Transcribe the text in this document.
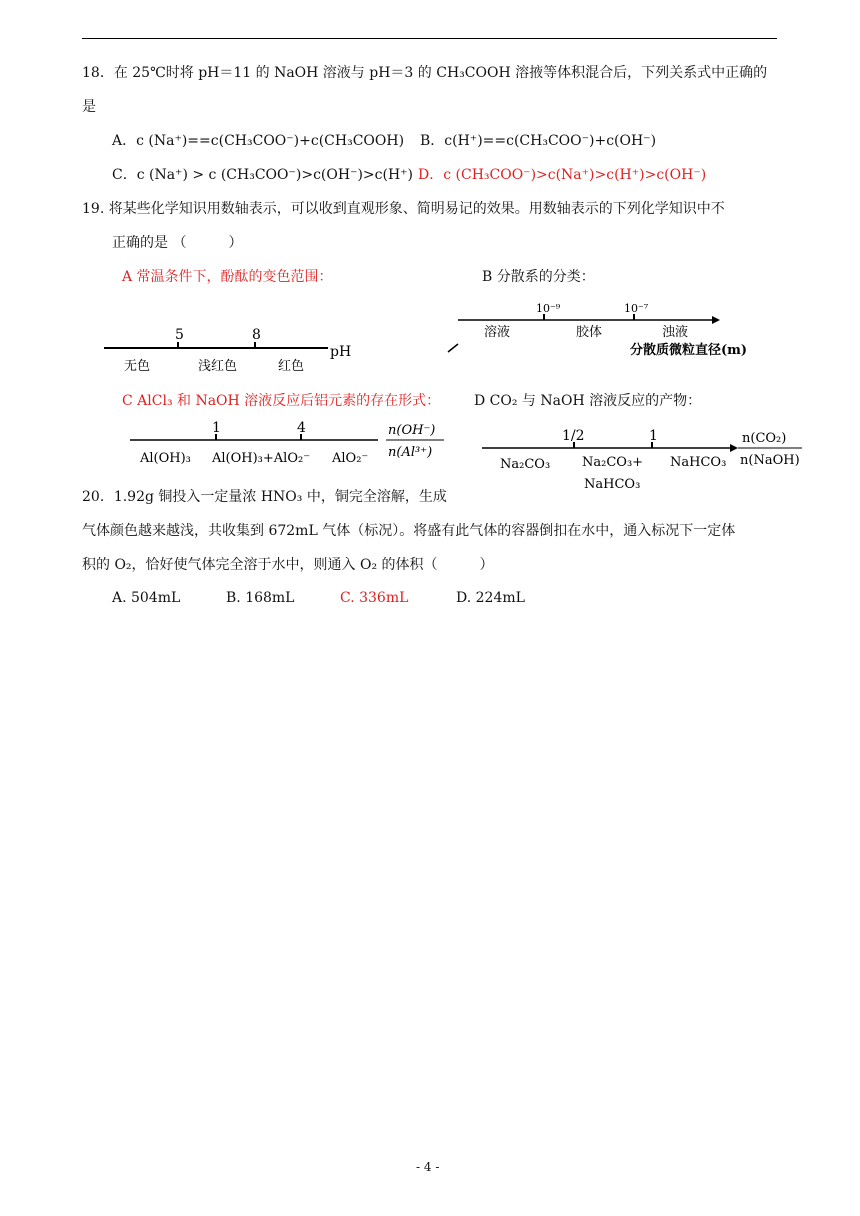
18．在 25℃时将 pH＝11 的 NaOH 溶液与 pH＝3 的 CH₃COOH 溶掖等体积混合后，下列关系式中正确的
是
A．c (Na⁺)==c(CH₃COO⁻)+c(CH₃COOH) B．c(H⁺)==c(CH₃COO⁻)+c(OH⁻)
C．c (Na⁺) > c (CH₃COO⁻)>c(OH⁻)>c(H⁺) D．c (CH₃COO⁻)>c(Na⁺)>c(H⁺)>c(OH⁻)
19. 将某些化学知识用数轴表示，可以收到直观形象、简明易记的效果。用数轴表示的下列化学知识中不
正确的是 （　　　）
A 常温条件下，酚酞的变色范围：	B 分散系的分类：
5	8
pH
无色	浅红色	红色
10⁻⁹	10⁻⁷
溶液	胶体	浊液
分散质微粒直径(m)
C AlCl₃ 和 NaOH 溶液反应后铝元素的存在形式： D CO₂ 与 NaOH 溶液反应的产物：
1	4
Al(OH)₃ Al(OH)₃+AlO₂⁻ AlO₂⁻
n(OH⁻)
n(Al³⁺)
1/2	1
Na₂CO₃ Na₂CO₃+
NaHCO₃
NaHCO₃
n(CO₂)
n(NaOH)
20．1.92g 铜投入一定量浓 HNO₃ 中，铜完全溶解，生成
气体颜色越来越浅，共收集到 672mL 气体（标况）。将盛有此气体的容器倒扣在水中，通入标况下一定体
积的 O₂，恰好使气体完全溶于水中，则通入 O₂ 的体积（　　　）
A. 504mL	B. 168mL	C. 336mL	D. 224mL
- 4 -
